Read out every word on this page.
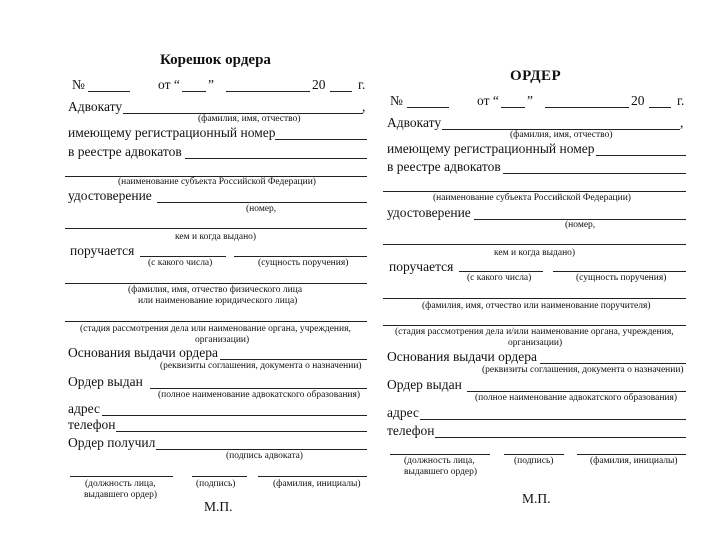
Корешок ордера
№	от “ ”	20 г.
Адвокату	,
(фамилия, имя, отчество)
имеющему регистрационный номер
в реестре адвокатов
(наименование субъекта Российской Федерации)
удостоверение
(номер,
кем и когда выдано)
поручается
(с какого числа)	(сущность поручения)
(фамилия, имя, отчество физического лица
или наименование юридического лица)
(стадия рассмотрения дела или наименование органа, учреждения,
организации)
Основания выдачи ордера
(реквизиты соглашения, документа о назначении)
Ордер выдан
(полное наименование адвокатского образования)
адрес
телефон
Ордер получил
(подпись адвоката)
(должность лица,
выдавшего ордер)
(подпись)	(фамилия, инициалы)
М.П.
ОРДЕР
№	от “ ”	20 г.
Адвокату	,
(фамилия, имя, отчество)
имеющему регистрационный номер
в реестре адвокатов
(наименование субъекта Российской Федерации)
удостоверение
(номер,
кем и когда выдано)
поручается
(с какого числа)	(сущность поручения)
(фамилия, имя, отчество или наименование поручителя)
(стадия рассмотрения дела и/или наименование органа, учреждения,
организации)
Основания выдачи ордера
(реквизиты соглашения, документа о назначении)
Ордер выдан
(полное наименование адвокатского образования)
адрес
телефон
(должность лица,
выдавшего ордер)
(подпись)	(фамилия, инициалы)
М.П.
